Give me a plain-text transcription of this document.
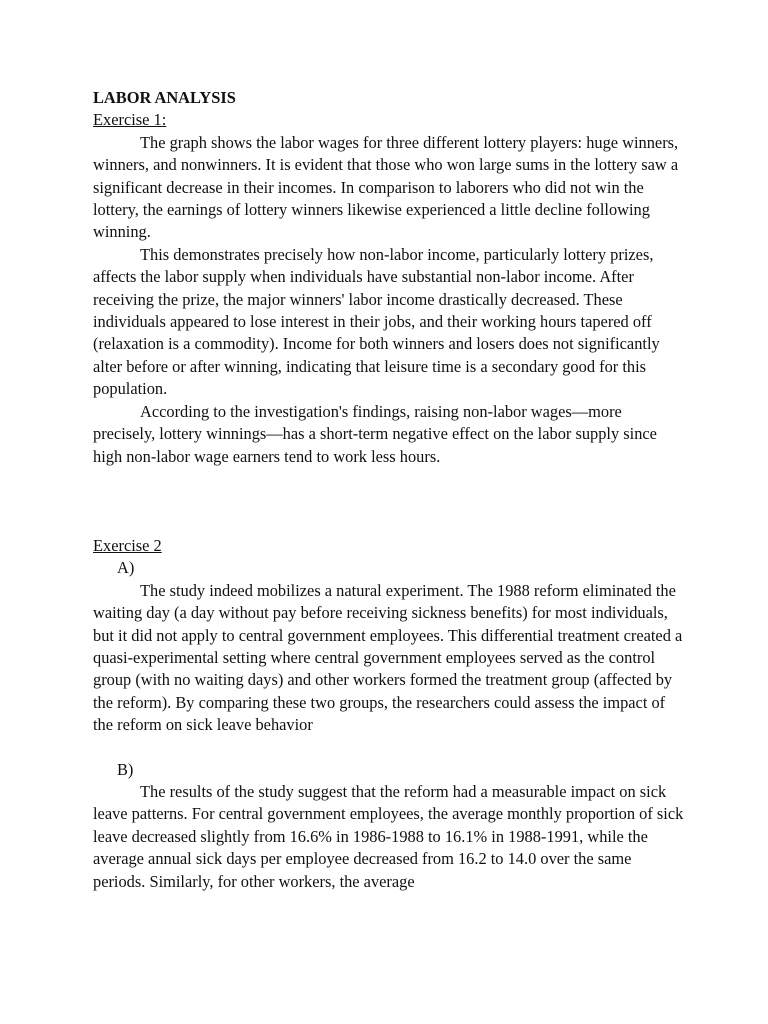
LABOR ANALYSIS

Exercise 1:

The graph shows the labor wages for three different lottery players: huge winners, winners, and nonwinners. It is evident that those who won large sums in the lottery saw a significant decrease in their incomes. In comparison to laborers who did not win the lottery, the earnings of lottery winners likewise experienced a little decline following winning.

This demonstrates precisely how non-labor income, particularly lottery prizes, affects the labor supply when individuals have substantial non-labor income. After receiving the prize, the major winners' labor income drastically decreased. These individuals appeared to lose interest in their jobs, and their working hours tapered off (relaxation is a commodity). Income for both winners and losers does not significantly alter before or after winning, indicating that leisure time is a secondary good for this population.

According to the investigation's findings, raising non-labor wages—more precisely, lottery winnings—has a short-term negative effect on the labor supply since high non-labor wage earners tend to work less hours.

Exercise 2

A)

The study indeed mobilizes a natural experiment. The 1988 reform eliminated the waiting day (a day without pay before receiving sickness benefits) for most individuals, but it did not apply to central government employees. This differential treatment created a quasi-experimental setting where central government employees served as the control group (with no waiting days) and other workers formed the treatment group (affected by the reform). By comparing these two groups, the researchers could assess the impact of the reform on sick leave behavior

B)

The results of the study suggest that the reform had a measurable impact on sick leave patterns. For central government employees, the average monthly proportion of sick leave decreased slightly from 16.6% in 1986-1988 to 16.1% in 1988-1991, while the average annual sick days per employee decreased from 16.2 to 14.0 over the same periods. Similarly, for other workers, the average
